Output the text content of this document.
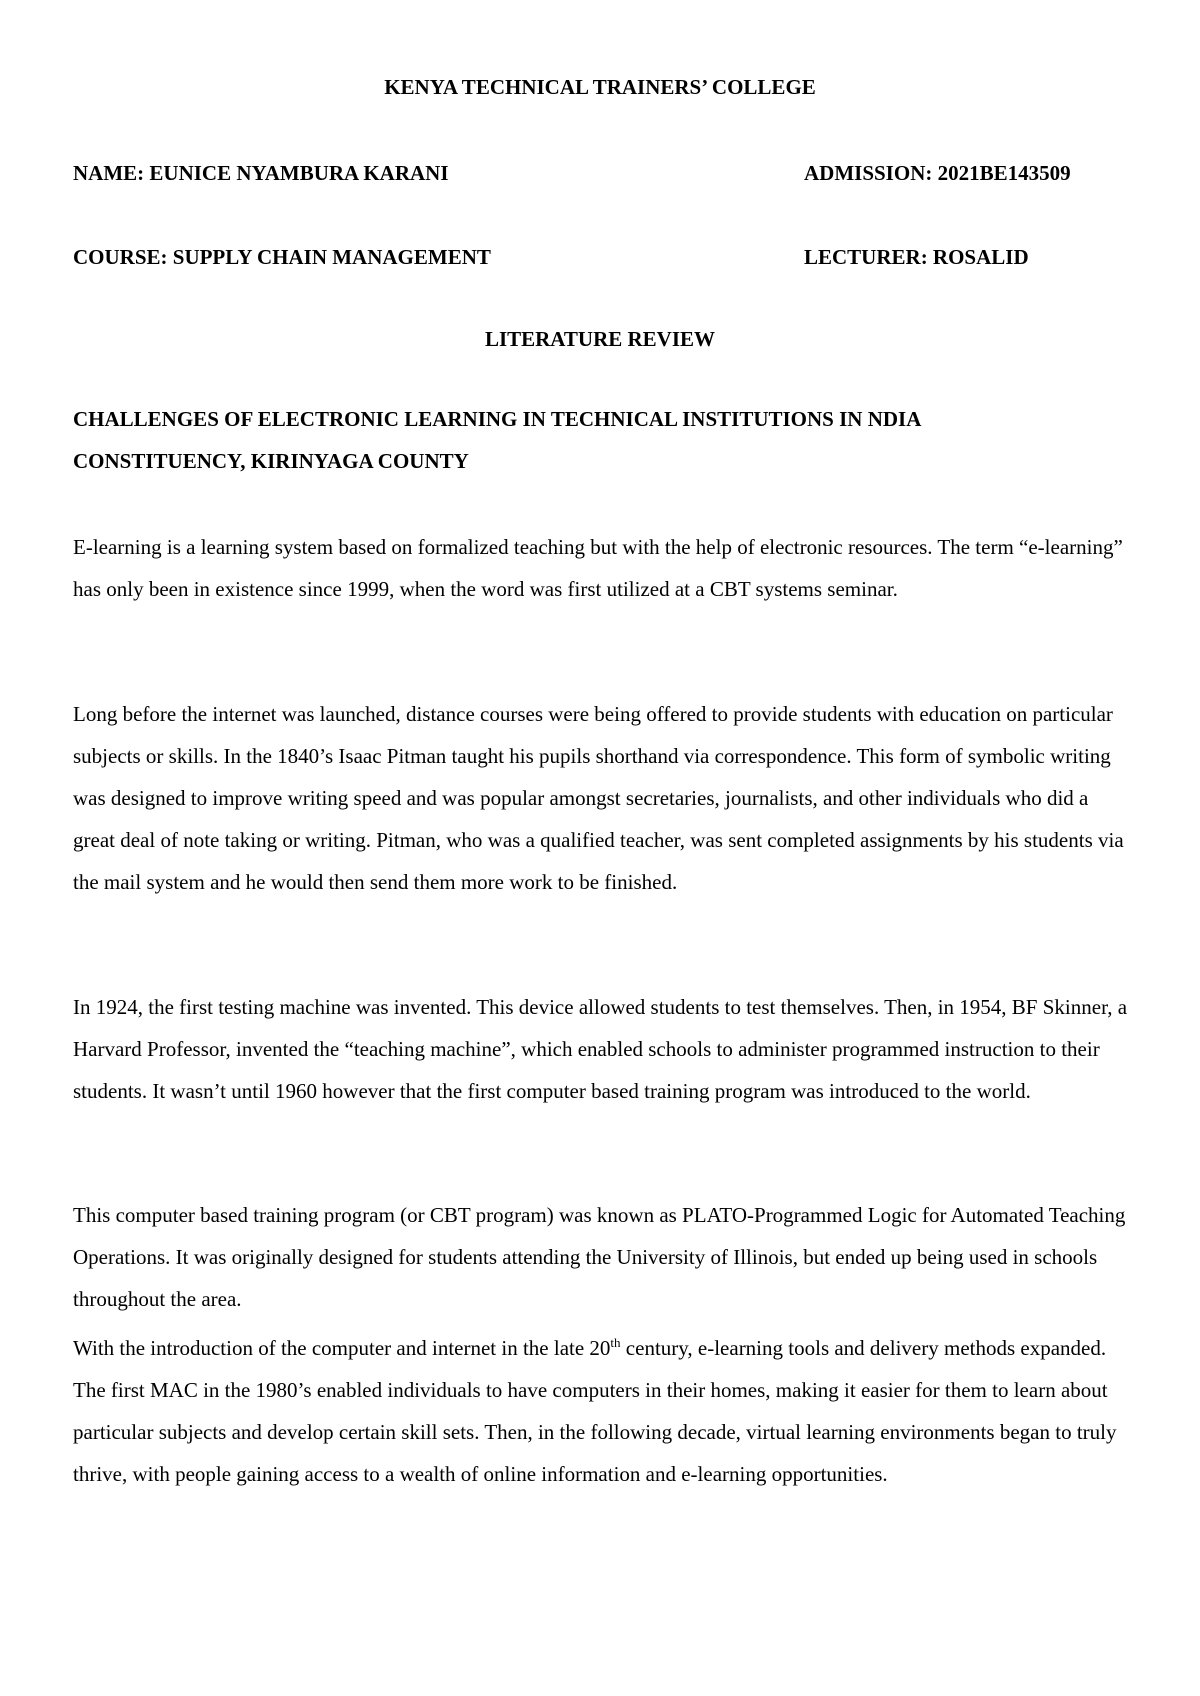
KENYA TECHNICAL TRAINERS’ COLLEGE
NAME: EUNICE NYAMBURA KARANI	ADMISSION: 2021BE143509
COURSE: SUPPLY CHAIN MANAGEMENT	LECTURER: ROSALID
LITERATURE REVIEW
CHALLENGES OF ELECTRONIC LEARNING IN TECHNICAL INSTITUTIONS IN NDIA
CONSTITUENCY, KIRINYAGA COUNTY

E-learning is a learning system based on formalized teaching but with the help of electronic resources. The term “e-learning” has only been in existence since 1999, when the word was first utilized at a CBT systems seminar.

Long before the internet was launched, distance courses were being offered to provide students with education on particular subjects or skills. In the 1840’s Isaac Pitman taught his pupils shorthand via correspondence. This form of symbolic writing was designed to improve writing speed and was popular amongst secretaries, journalists, and other individuals who did a great deal of note taking or writing. Pitman, who was a qualified teacher, was sent completed assignments by his students via the mail system and he would then send them more work to be finished.

In 1924, the first testing machine was invented. This device allowed students to test themselves. Then, in 1954, BF Skinner, a Harvard Professor, invented the “teaching machine”, which enabled schools to administer programmed instruction to their students. It wasn’t until 1960 however that the first computer based training program was introduced to the world.

This computer based training program (or CBT program) was known as PLATO-Programmed Logic for Automated Teaching Operations. It was originally designed for students attending the University of Illinois, but ended up being used in schools throughout the area.

With the introduction of the computer and internet in the late 20th century, e-learning tools and delivery methods expanded. The first MAC in the 1980’s enabled individuals to have computers in their homes, making it easier for them to learn about particular subjects and develop certain skill sets. Then, in the following decade, virtual learning environments began to truly thrive, with people gaining access to a wealth of online information and e-learning opportunities.
